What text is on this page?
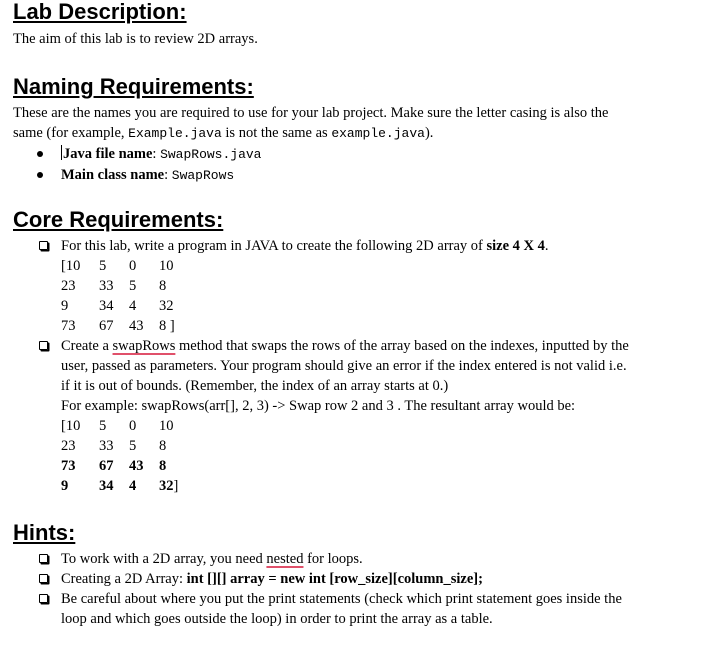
Lab Description:

The aim of this lab is to review 2D arrays.

Naming Requirements:

These are the names you are required to use for your lab project. Make sure the letter casing is also the

same (for example, Example.java is not the same as example.java).

Java file name: SwapRows.java
Main class name: SwapRows
Core Requirements:
For this lab, write a program in JAVA to create the following 2D array of size 4 X 4.
[10 5 0 10
23 33 5 8
9 34 4 32
73 67 43 8 ]
Create a swapRows method that swaps the rows of the array based on the indexes, inputted by the
user, passed as parameters. Your program should give an error if the index entered is not valid i.e.
if it is out of bounds. (Remember, the index of an array starts at 0.)
For example: swapRows(arr[], 2, 3) -> Swap row 2 and 3 . The resultant array would be:
[10 5 0 10
23 33 5 8
73 67 43 8
9 34 4 32]
Hints:
To work with a 2D array, you need nested for loops.
Creating a 2D Array: int [][] array = new int [row_size][column_size];
Be careful about where you put the print statements (check which print statement goes inside the
loop and which goes outside the loop) in order to print the array as a table.
